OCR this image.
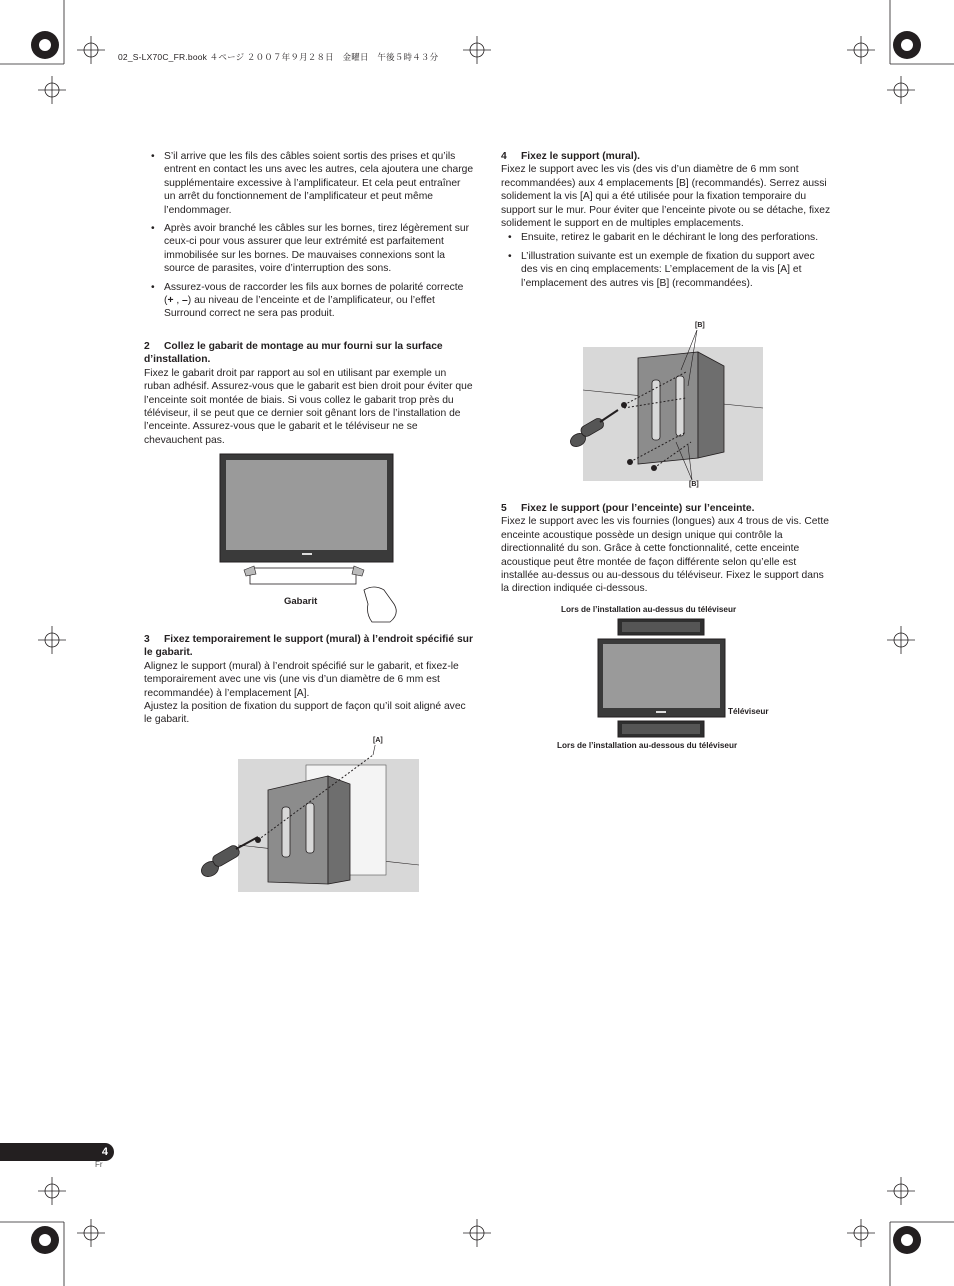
02_S-LX70C_FR.book ４ページ ２００７年９月２８日　金曜日　午後５時４３分
• S’il arrive que les fils des câbles soient sortis des prises et qu’ils entrent en contact les uns avec les autres, cela ajoutera une charge supplémentaire excessive à l’amplificateur. Et cela peut entraîner un arrêt du fonctionnement de l’amplificateur et peut même l’endommager.
• Après avoir branché les câbles sur les bornes, tirez légèrement sur ceux-ci pour vous assurer que leur extrémité est parfaitement immobilisée sur les bornes. De mauvaises connexions sont la source de parasites, voire d’interruption des sons.
• Assurez-vous de raccorder les fils aux bornes de polarité correcte (+ , –) au niveau de l’enceinte et de l’amplificateur, ou l’effet Surround correct ne sera pas produit.

2 Collez le gabarit de montage au mur fourni sur la surface d’installation.

Fixez le gabarit droit par rapport au sol en utilisant par exemple un ruban adhésif. Assurez-vous que le gabarit est bien droit pour éviter que l’enceinte soit montée de biais. Si vous collez le gabarit trop près du téléviseur, il se peut que ce dernier soit gênant lors de l’installation de l’enceinte. Assurez-vous que le gabarit et le téléviseur ne se chevauchent pas.

Gabarit

3 Fixez temporairement le support (mural) à l’endroit spécifié sur le gabarit.

Alignez le support (mural) à l’endroit spécifié sur le gabarit, et fixez-le temporairement avec une vis (une vis d’un diamètre de 6 mm est recommandée) à l’emplacement [A].

Ajustez la position de fixation du support de façon qu’il soit aligné avec le gabarit.

[A]

4 Fixez le support (mural).

Fixez le support avec les vis (des vis d’un diamètre de 6 mm sont recommandées) aux 4 emplacements [B] (recommandés). Serrez aussi solidement la vis [A] qui a été utilisée pour la fixation temporaire du support sur le mur. Pour éviter que l’enceinte pivote ou se détache, fixez solidement le support en de multiples emplacements.

• Ensuite, retirez le gabarit en le déchirant le long des perforations.
• L’illustration suivante est un exemple de fixation du support avec des vis en cinq emplacements: L’emplacement de la vis [A] et l’emplacement des autres vis [B] (recommandées).
[B]
[B]

5 Fixez le support (pour l’enceinte) sur l’enceinte.

Fixez le support avec les vis fournies (longues) aux 4 trous de vis. Cette enceinte acoustique possède un design unique qui contrôle la directionnalité du son. Grâce à cette fonctionnalité, cette enceinte acoustique peut être montée de façon différente selon qu’elle est installée au-dessus ou au-dessous du téléviseur. Fixez le support dans la direction indiquée ci-dessous.

Lors de l’installation au-dessus du téléviseur
Téléviseur
Lors de l’installation au-dessous du téléviseur
4
Fr
